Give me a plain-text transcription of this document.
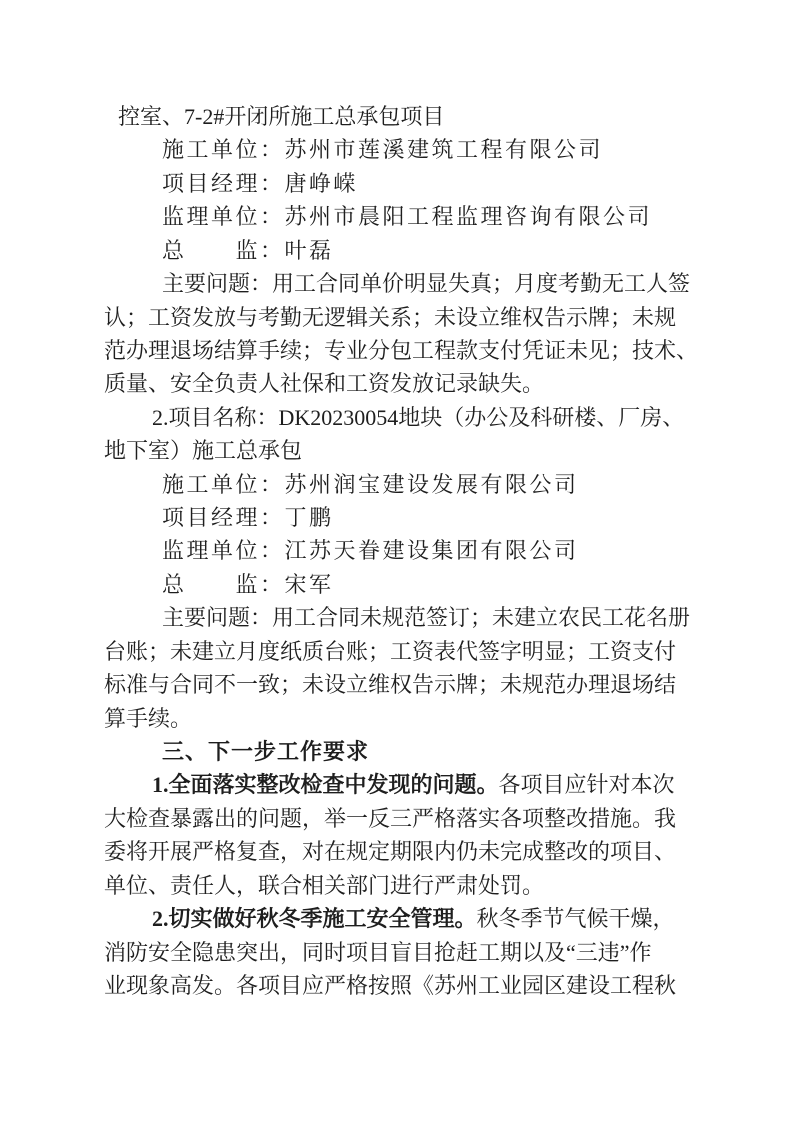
控室、7-2#开闭所施工总承包项目
施工单位：苏州市莲溪建筑工程有限公司
项目经理：唐峥嵘
监理单位：苏州市晨阳工程监理咨询有限公司
总　　监：叶磊
主要问题：用工合同单价明显失真；月度考勤无工人签
认；工资发放与考勤无逻辑关系；未设立维权告示牌；未规
范办理退场结算手续；专业分包工程款支付凭证未见；技术、
质量、安全负责人社保和工资发放记录缺失。
2.项目名称：DK20230054地块（办公及科研楼、厂房、
地下室）施工总承包
施工单位：苏州润宝建设发展有限公司
项目经理：丁鹏
监理单位：江苏天眷建设集团有限公司
总　　监：宋军
主要问题：用工合同未规范签订；未建立农民工花名册
台账；未建立月度纸质台账；工资表代签字明显；工资支付
标准与合同不一致；未设立维权告示牌；未规范办理退场结
算手续。
三、下一步工作要求
1.全面落实整改检查中发现的问题。各项目应针对本次
大检查暴露出的问题，举一反三严格落实各项整改措施。我
委将开展严格复查，对在规定期限内仍未完成整改的项目、
单位、责任人，联合相关部门进行严肃处罚。
2.切实做好秋冬季施工安全管理。秋冬季节气候干燥，
消防安全隐患突出，同时项目盲目抢赶工期以及“三违”作
业现象高发。各项目应严格按照《苏州工业园区建设工程秋
